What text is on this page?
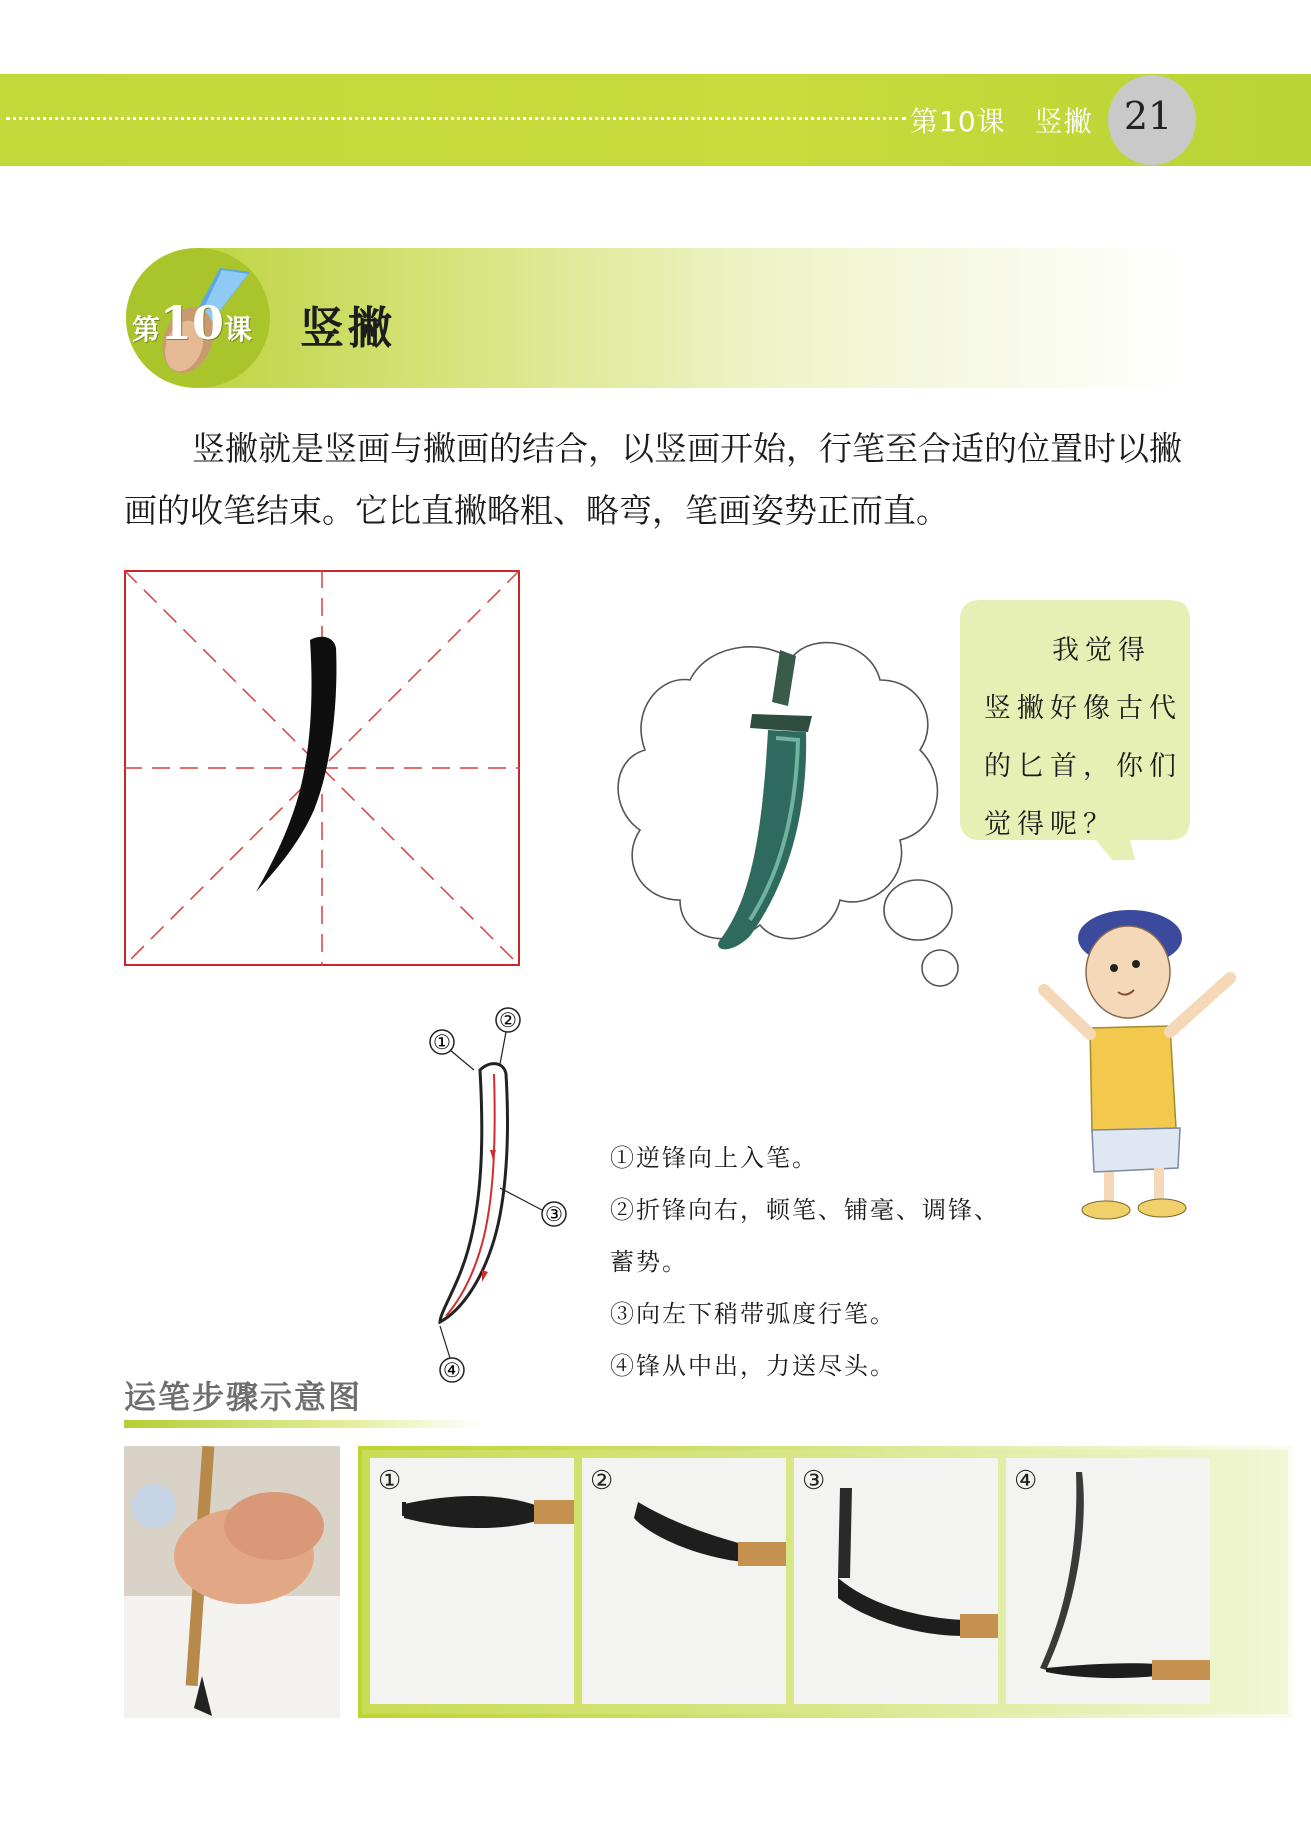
第10课　竖撇 21
第10课 竖撇
竖撇就是竖画与撇画的结合，以竖画开始，行笔至合适的位置时以撇画的收笔结束。它比直撇略粗、略弯，笔画姿势正而直。
我觉得
竖撇好像古代
的匕首，你们
觉得呢？
①
②
③
④
①逆锋向上入笔。
②折锋向右，顿笔、铺毫、调锋、
蓄势。
③向左下稍带弧度行笔。
④锋从中出，力送尽头。
运笔步骤示意图
①	②	③	④
